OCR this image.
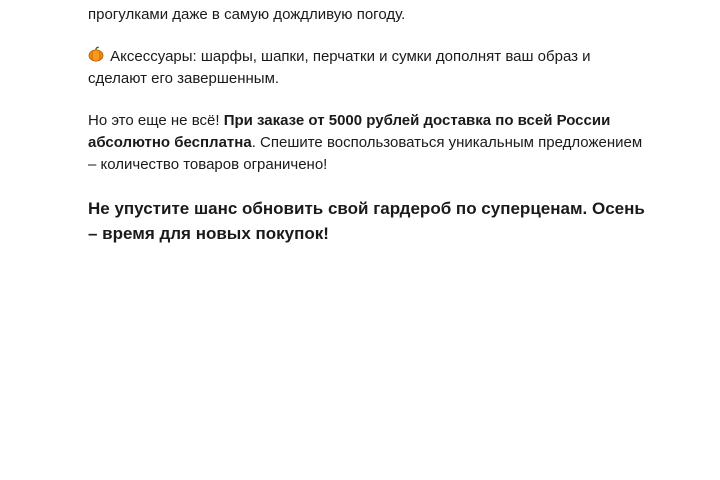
прогулками даже в самую дождливую погоду.

Аксессуары: шарфы, шапки, перчатки и сумки дополнят ваш образ и сделают его завершенным.

Но это еще не всё! При заказе от 5000 рублей доставка по всей России абсолютно бесплатна. Спешите воспользоваться уникальным предложением – количество товаров ограничено!

Не упустите шанс обновить свой гардероб по суперценам. Осень – время для новых покупок!
